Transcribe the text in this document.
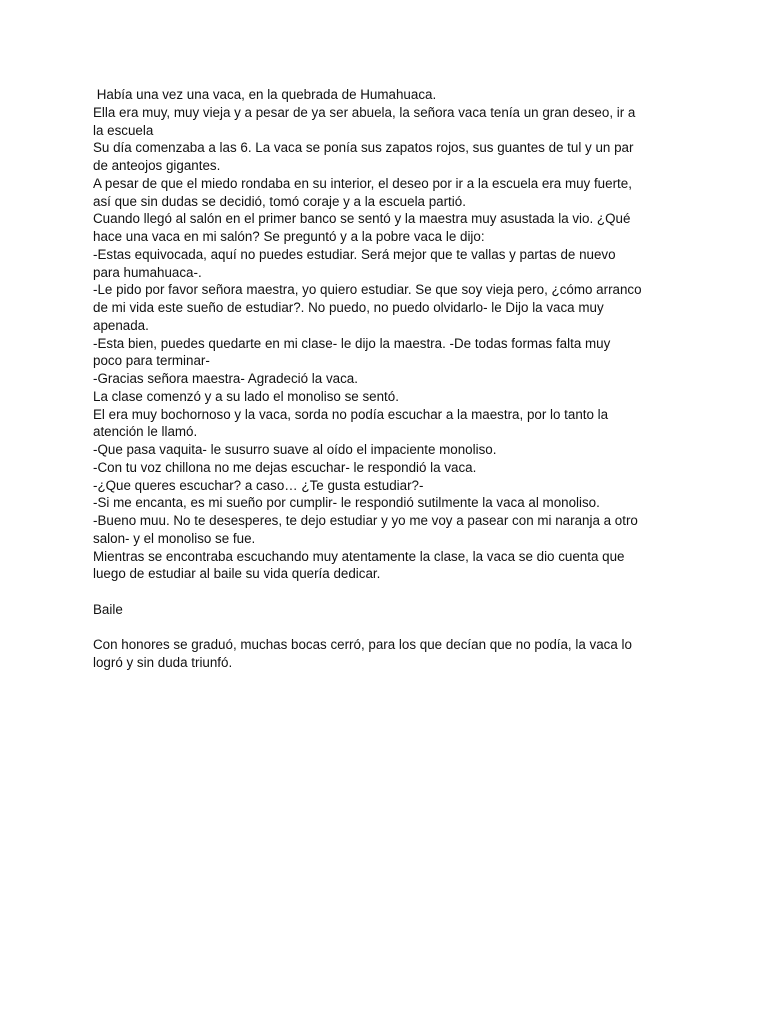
Había una vez una vaca, en la quebrada de Humahuaca.

Ella era muy, muy vieja y a pesar de ya ser abuela, la señora vaca tenía un gran deseo, ir a

la escuela

Su día comenzaba a las 6. La vaca se ponía sus zapatos rojos, sus guantes de tul y un par

de anteojos gigantes.

A pesar de que el miedo rondaba en su interior, el deseo por ir a la escuela era muy fuerte,

así que sin dudas se decidió, tomó coraje y a la escuela partió.

Cuando llegó al salón en el primer banco se sentó y la maestra muy asustada la vio. ¿Qué

hace una vaca en mi salón? Se preguntó y a la pobre vaca le dijo:

-Estas equivocada, aquí no puedes estudiar. Será mejor que te vallas y partas de nuevo

para humahuaca-.

-Le pido por favor señora maestra, yo quiero estudiar. Se que soy vieja pero, ¿cómo arranco

de mi vida este sueño de estudiar?. No puedo, no puedo olvidarlo- le Dijo la vaca muy

apenada.

-Esta bien, puedes quedarte en mi clase- le dijo la maestra. -De todas formas falta muy

poco para terminar-

-Gracias señora maestra- Agradeció la vaca.

La clase comenzó y a su lado el monoliso se sentó.

El era muy bochornoso y la vaca, sorda no podía escuchar a la maestra, por lo tanto la

atención le llamó.

-Que pasa vaquita- le susurro suave al oído el impaciente monoliso.

-Con tu voz chillona no me dejas escuchar- le respondió la vaca.

-¿Que queres escuchar? a caso… ¿Te gusta estudiar?-

-Si me encanta, es mi sueño por cumplir- le respondió sutilmente la vaca al monoliso.

-Bueno muu. No te desesperes, te dejo estudiar y yo me voy a pasear con mi naranja a otro

salon- y el monoliso se fue.

Mientras se encontraba escuchando muy atentamente la clase, la vaca se dio cuenta que

luego de estudiar al baile su vida quería dedicar.

Baile

Con honores se graduó, muchas bocas cerró, para los que decían que no podía, la vaca lo

logró y sin duda triunfó.
